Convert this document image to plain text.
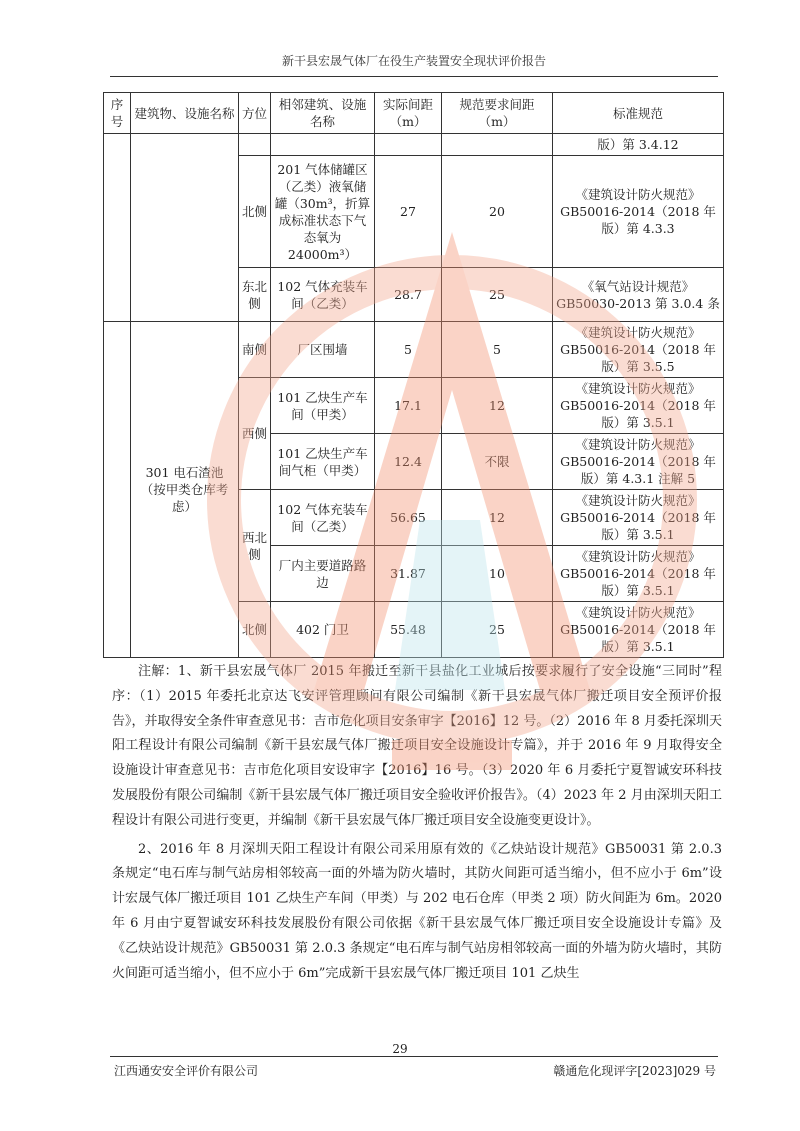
新干县宏晟气体厂在役生产装置安全现状评价报告
序号	建筑物、设施名称	方位	相邻建筑、设施名称	实际间距（m）	规范要求间距（m）	标准规范
						版）第 3.4.12
		北侧	201 气体储罐区（乙类）液氧储罐（30m³，折算成标准状态下气态氧为 24000m³）	27	20	《建筑设计防火规范》GB50016-2014（2018 年版）第 4.3.3
		东北侧	102 气体充装车间（乙类）	28.7	25	《氧气站设计规范》GB50030-2013 第 3.0.4 条
	301 电石渣池（按甲类仓库考虑）	南侧	厂区围墙	5	5	《建筑设计防火规范》GB50016-2014（2018 年版）第 3.5.5
		西侧	101 乙炔生产车间（甲类）	17.1	12	《建筑设计防火规范》GB50016-2014（2018 年版）第 3.5.1
			101 乙炔生产车间气柜（甲类）	12.4	不限	《建筑设计防火规范》GB50016-2014（2018 年版）第 4.3.1 注解 5
		西北侧	102 气体充装车间（乙类）	56.65	12	《建筑设计防火规范》GB50016-2014（2018 年版）第 3.5.1
			厂内主要道路路边	31.87	10	《建筑设计防火规范》GB50016-2014（2018 年版）第 3.5.1
		北侧	402 门卫	55.48	25	《建筑设计防火规范》GB50016-2014（2018 年版）第 3.5.1

注解：1、新干县宏晟气体厂 2015 年搬迁至新干县盐化工业城后按要求履行了安全设施“三同时”程序：（1）2015 年委托北京达飞安评管理顾问有限公司编制《新干县宏晟气体厂搬迁项目安全预评价报告》，并取得安全条件审查意见书：吉市危化项目安条审字【2016】12 号。（2）2016 年 8 月委托深圳天阳工程设计有限公司编制《新干县宏晟气体厂搬迁项目安全设施设计专篇》，并于 2016 年 9 月取得安全设施设计审查意见书：吉市危化项目安设审字【2016】16 号。（3）2020 年 6 月委托宁夏智诚安环科技发展股份有限公司编制《新干县宏晟气体厂搬迁项目安全验收评价报告》。（4）2023 年 2 月由深圳天阳工程设计有限公司进行变更，并编制《新干县宏晟气体厂搬迁项目安全设施变更设计》。

2、2016 年 8 月深圳天阳工程设计有限公司采用原有效的《乙炔站设计规范》GB50031 第 2.0.3 条规定“电石库与制气站房相邻较高一面的外墙为防火墙时，其防火间距可适当缩小，但不应小于 6m”设计宏晟气体厂搬迁项目 101 乙炔生产车间（甲类）与 202 电石仓库（甲类 2 项）防火间距为 6m。2020 年 6 月由宁夏智诚安环科技发展股份有限公司依据《新干县宏晟气体厂搬迁项目安全设施设计专篇》及《乙炔站设计规范》GB50031 第 2.0.3 条规定“电石库与制气站房相邻较高一面的外墙为防火墙时，其防火间距可适当缩小，但不应小于 6m”完成新干县宏晟气体厂搬迁项目 101 乙炔生

29
江西通安安全评价有限公司	赣通危化现评字[2023]029 号
